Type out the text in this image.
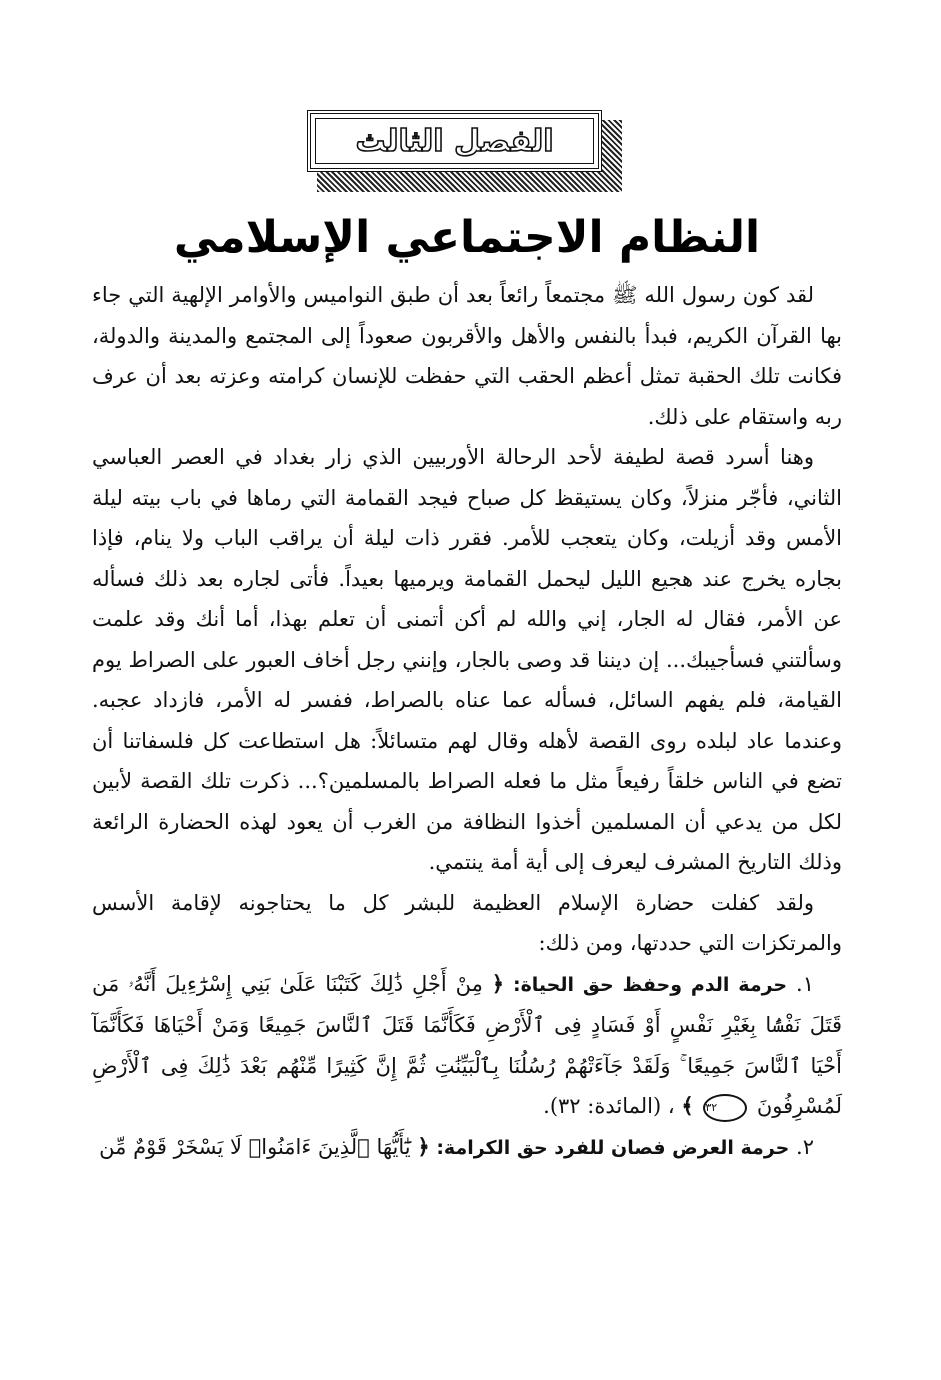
الفصل الثالث
النظام الاجتماعي الإسلامي

لقد كون رسول الله ﷺ مجتمعاً رائعاً بعد أن طبق النواميس والأوامر الإلهية التي جاء بها القرآن الكريم، فبدأ بالنفس والأهل والأقربون صعوداً إلى المجتمع والمدينة والدولة، فكانت تلك الحقبة تمثل أعظم الحقب التي حفظت للإنسان كرامته وعزته بعد أن عرف ربه واستقام على ذلك.

وهنا أسرد قصة لطيفة لأحد الرحالة الأوربيين الذي زار بغداد في العصر العباسي الثاني، فأجّر منزلاً، وكان يستيقظ كل صباح فيجد القمامة التي رماها في باب بيته ليلة الأمس وقد أزيلت، وكان يتعجب للأمر. فقرر ذات ليلة أن يراقب الباب ولا ينام، فإذا بجاره يخرج عند هجيع الليل ليحمل القمامة ويرميها بعيداً. فأتى لجاره بعد ذلك فسأله عن الأمر، فقال له الجار، إني والله لم أكن أتمنى أن تعلم بهذا، أما أنك وقد علمت وسألتني فسأجيبك... إن ديننا قد وصى بالجار، وإنني رجل أخاف العبور على الصراط يوم القيامة، فلم يفهم السائل، فسأله عما عناه بالصراط، ففسر له الأمر، فازداد عجبه. وعندما عاد لبلده روى القصة لأهله وقال لهم متسائلاً: هل استطاعت كل فلسفاتنا أن تضع في الناس خلقاً رفيعاً مثل ما فعله الصراط بالمسلمين؟... ذكرت تلك القصة لأبين لكل من يدعي أن المسلمين أخذوا النظافة من الغرب أن يعود لهذه الحضارة الرائعة وذلك التاريخ المشرف ليعرف إلى أية أمة ينتمي.

ولقد كفلت حضارة الإسلام العظيمة للبشر كل ما يحتاجونه لإقامة الأسس والمرتكزات التي حددتها، ومن ذلك:

١. حرمة الدم وحفظ حق الحياة: ﴿ مِنْ أَجْلِ ذَٰلِكَ كَتَبْنَا عَلَىٰ بَنِي إِسْرَٰٓءِيلَ أَنَّهُۥ مَن قَتَلَ نَفْسًۢا بِغَيْرِ نَفْسٍ أَوْ فَسَادٍ فِى ٱلْأَرْضِ فَكَأَنَّمَا قَتَلَ ٱلنَّاسَ جَمِيعًا وَمَنْ أَحْيَاهَا فَكَأَنَّمَآ أَحْيَا ٱلنَّاسَ جَمِيعًا ۚ وَلَقَدْ جَآءَتْهُمْ رُسُلُنَا بِٱلْبَيِّنَٰتِ ثُمَّ إِنَّ كَثِيرًا مِّنْهُم بَعْدَ ذَٰلِكَ فِى ٱلْأَرْضِ لَمُسْرِفُونَ ٣٢ ﴾ ، (المائدة: ٣٢).

٢. حرمة العرض فصان للفرد حق الكرامة: ﴿ يَٰٓأَيُّهَا ٱلَّذِينَ ءَامَنُوا۟ لَا يَسْخَرْ قَوْمٌ مِّن
